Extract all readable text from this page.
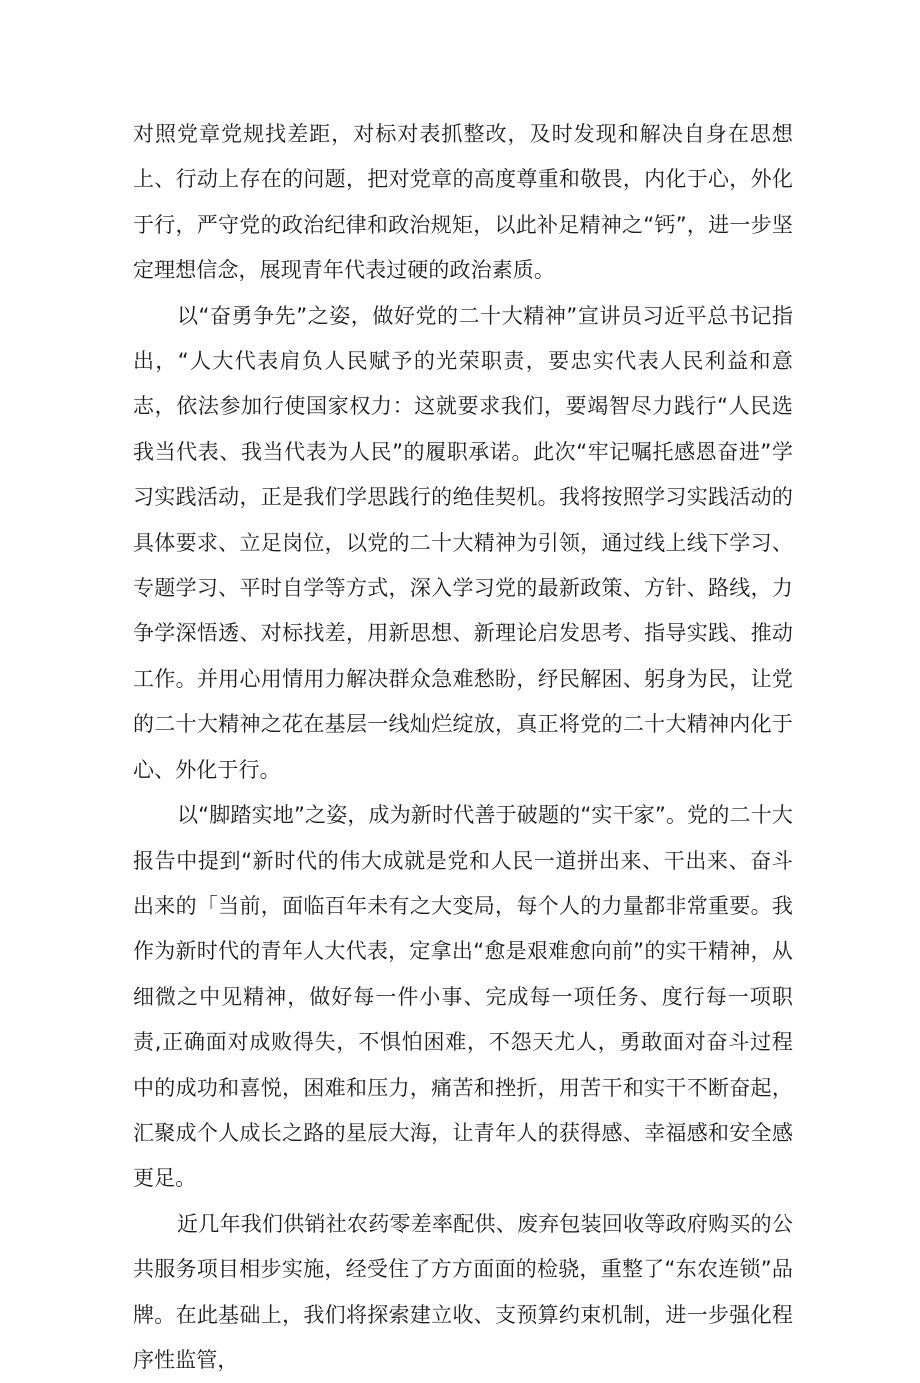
对照党章党规找差距，对标对表抓整改，及时发现和解决自身在思想上、行动上存在的问题，把对党章的高度尊重和敬畏，内化于心，外化于行，严守党的政治纪律和政治规矩，以此补足精神之“钙”，进一步坚定理想信念，展现青年代表过硬的政治素质。

以“奋勇争先”之姿，做好党的二十大精神”宣讲员习近平总书记指出，“人大代表肩负人民赋予的光荣职责，要忠实代表人民利益和意志，依法参加行使国家权力：这就要求我们，要竭智尽力践行“人民选我当代表、我当代表为人民”的履职承诺。此次“牢记嘱托感恩奋进”学习实践活动，正是我们学思践行的绝佳契机。我将按照学习实践活动的具体要求、立足岗位，以党的二十大精神为引领，通过线上线下学习、专题学习、平时自学等方式，深入学习党的最新政策、方针、路线，力争学深悟透、对标找差，用新思想、新理论启发思考、指导实践、推动工作。并用心用情用力解决群众急难愁盼，纾民解困、躬身为民，让党的二十大精神之花在基层一线灿烂绽放，真正将党的二十大精神内化于心、外化于行。

以“脚踏实地”之姿，成为新时代善于破题的“实干家”。党的二十大报告中提到“新时代的伟大成就是党和人民一道拼出来、干出来、奋斗出来的「当前，面临百年未有之大变局，每个人的力量都非常重要。我作为新时代的青年人大代表，定拿出“愈是艰难愈向前”的实干精神，从细微之中见精神，做好每一件小事、完成每一项任务、度行每一项职责,正确面对成败得失，不惧怕困难，不怨天尤人，勇敢面对奋斗过程中的成功和喜悦，困难和压力，痛苦和挫折，用苦干和实干不断奋起，汇聚成个人成长之路的星辰大海，让青年人的获得感、幸福感和安全感更足。

近几年我们供销社农药零差率配供、废弃包装回收等政府购买的公共服务项目相步实施，经受住了方方面面的检骁，重整了“东农连锁”品牌。在此基础上，我们将探索建立收、支预算约束机制，进一步强化程序性监管，
